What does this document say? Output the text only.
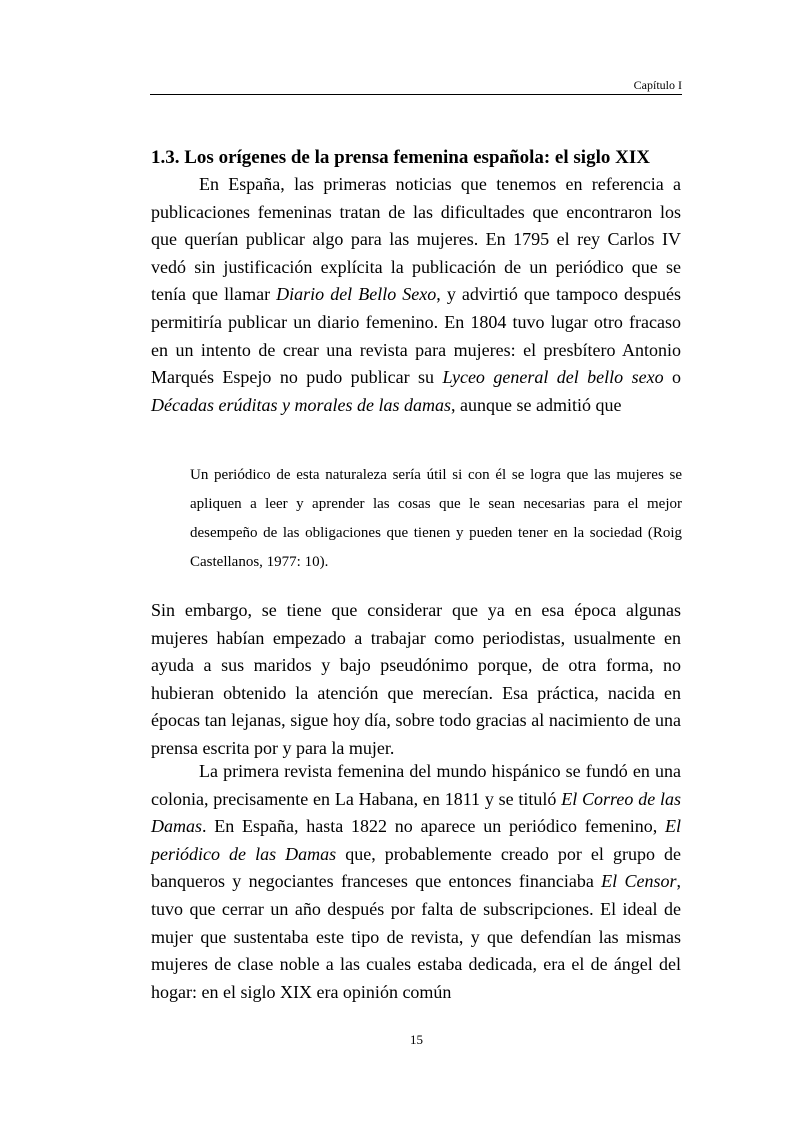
Capítulo I
1.3. Los orígenes de la prensa femenina española: el siglo XIX

En España, las primeras noticias que tenemos en referencia a publicaciones femeninas tratan de las dificultades que encontraron los que querían publicar algo para las mujeres. En 1795 el rey Carlos IV vedó sin justificación explícita la publicación de un periódico que se tenía que llamar Diario del Bello Sexo, y advirtió que tampoco después permitiría publicar un diario femenino. En 1804 tuvo lugar otro fracaso en un intento de crear una revista para mujeres: el presbítero Antonio Marqués Espejo no pudo publicar su Lyceo general del bello sexo o Décadas erúditas y morales de las damas, aunque se admitió que

Un periódico de esta naturaleza sería útil si con él se logra que las mujeres se apliquen a leer y aprender las cosas que le sean necesarias para el mejor desempeño de las obligaciones que tienen y pueden tener en la sociedad (Roig Castellanos, 1977: 10).

Sin embargo, se tiene que considerar que ya en esa época algunas mujeres habían empezado a trabajar como periodistas, usualmente en ayuda a sus maridos y bajo pseudónimo porque, de otra forma, no hubieran obtenido la atención que merecían. Esa práctica, nacida en épocas tan lejanas, sigue hoy día, sobre todo gracias al nacimiento de una prensa escrita por y para la mujer.

La primera revista femenina del mundo hispánico se fundó en una colonia, precisamente en La Habana, en 1811 y se tituló El Correo de las Damas. En España, hasta 1822 no aparece un periódico femenino, El periódico de las Damas que, probablemente creado por el grupo de banqueros y negociantes franceses que entonces financiaba El Censor, tuvo que cerrar un año después por falta de subscripciones. El ideal de mujer que sustentaba este tipo de revista, y que defendían las mismas mujeres de clase noble a las cuales estaba dedicada, era el de ángel del hogar: en el siglo XIX era opinión común

15
